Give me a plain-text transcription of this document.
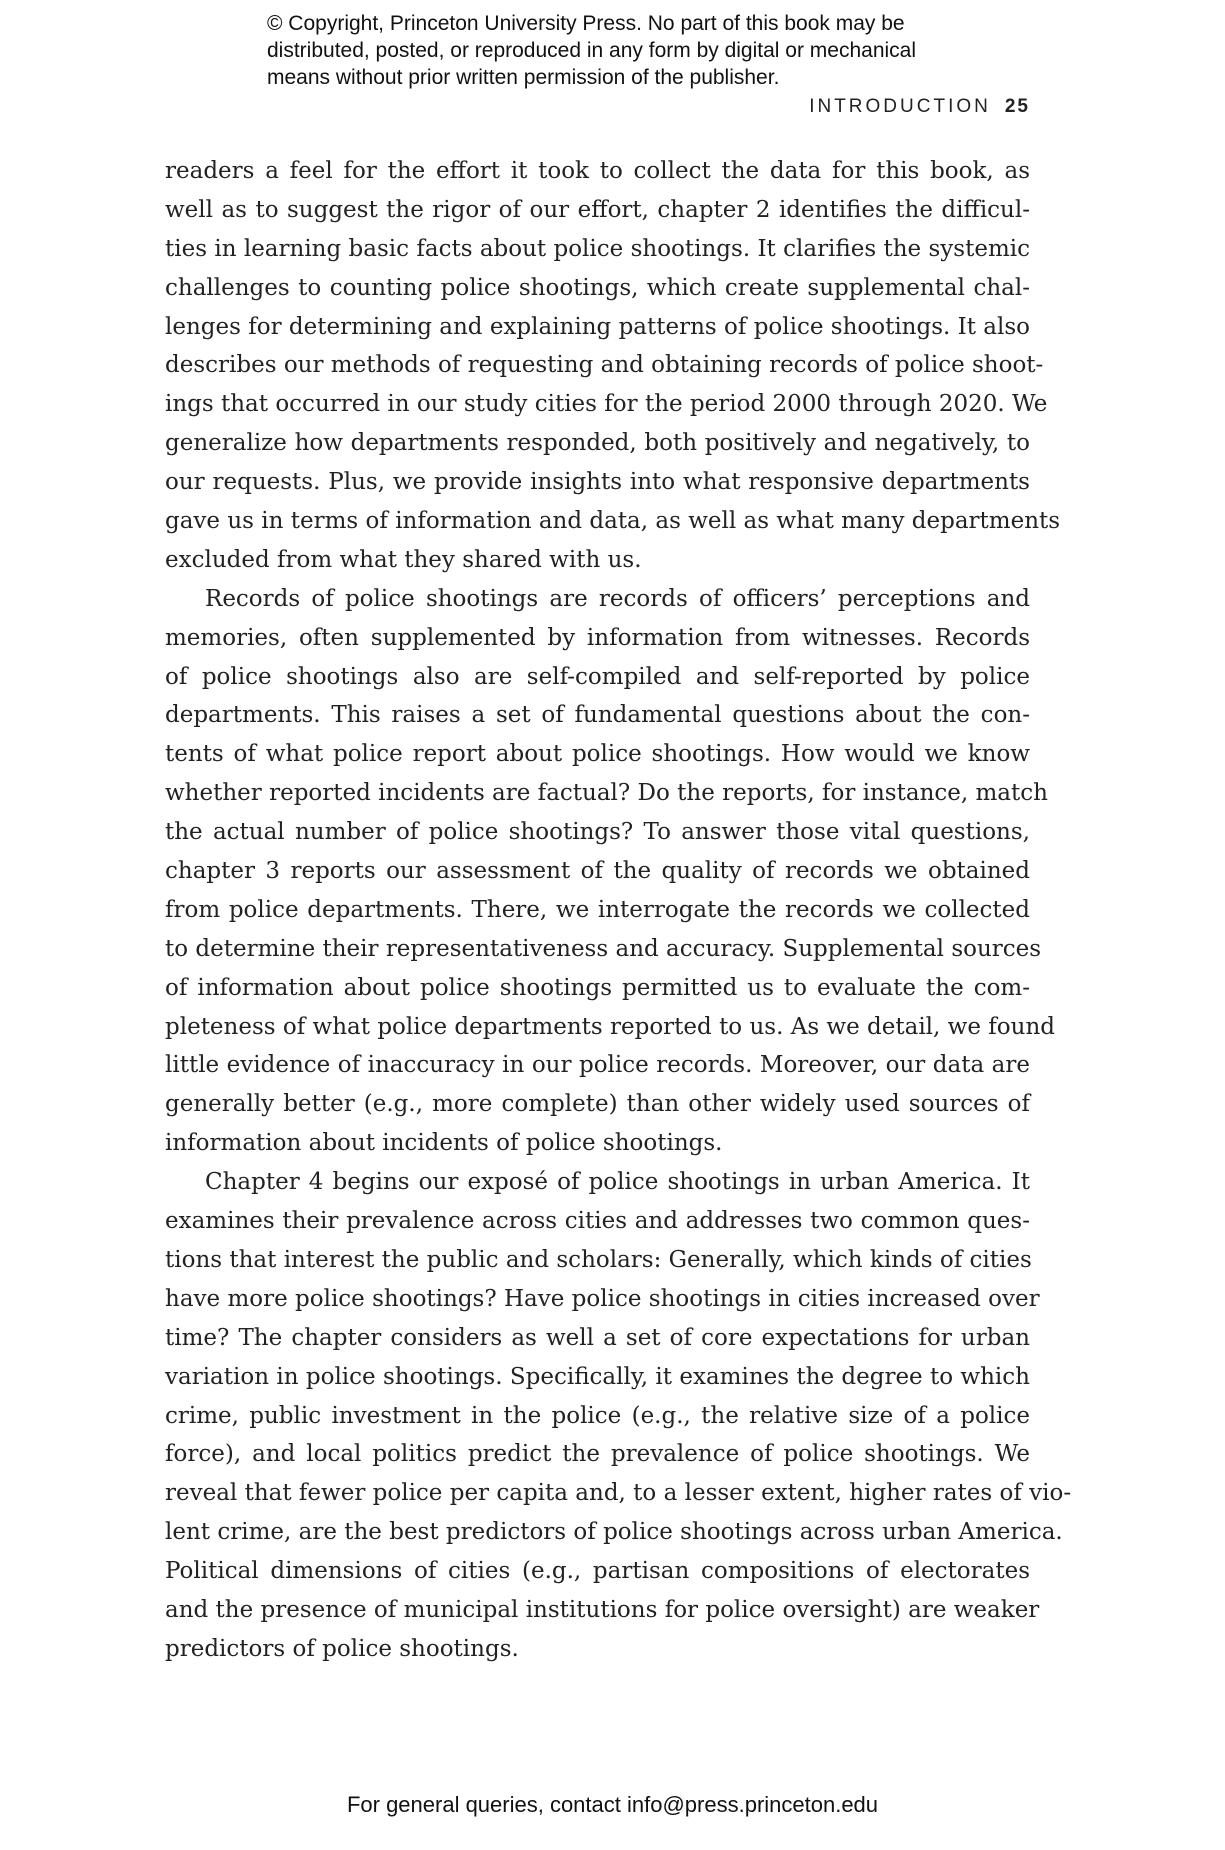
© Copyright, Princeton University Press. No part of this book may be
distributed, posted, or reproduced in any form by digital or mechanical
means without prior written permission of the publisher.
INTRODUCTION 25
readers a feel for the effort it took to collect the data for this book, as
well as to suggest the rigor of our effort, chapter 2 identifies the difficul-
ties in learning basic facts about police shootings. It clarifies the systemic
challenges to counting police shootings, which create supplemental chal-
lenges for determining and explaining patterns of police shootings. It also
describes our methods of requesting and obtaining records of police shoot-
ings that occurred in our study cities for the period 2000 through 2020. We
generalize how departments responded, both positively and negatively, to
our requests. Plus, we provide insights into what responsive departments
gave us in terms of information and data, as well as what many departments
excluded from what they shared with us.
Records of police shootings are records of officers’ perceptions and
memories, often supplemented by information from witnesses. Records
of police shootings also are self-compiled and self-reported by police
departments. This raises a set of fundamental questions about the con-
tents of what police report about police shootings. How would we know
whether reported incidents are factual? Do the reports, for instance, match
the actual number of police shootings? To answer those vital questions,
chapter 3 reports our assessment of the quality of records we obtained
from police departments. There, we interrogate the records we collected
to determine their representativeness and accuracy. Supplemental sources
of information about police shootings permitted us to evaluate the com-
pleteness of what police departments reported to us. As we detail, we found
little evidence of inaccuracy in our police records. Moreover, our data are
generally better (e.g., more complete) than other widely used sources of
information about incidents of police shootings.
Chapter 4 begins our exposé of police shootings in urban America. It
examines their prevalence across cities and addresses two common ques-
tions that interest the public and scholars: Generally, which kinds of cities
have more police shootings? Have police shootings in cities increased over
time? The chapter considers as well a set of core expectations for urban
variation in police shootings. Specifically, it examines the degree to which
crime, public investment in the police (e.g., the relative size of a police
force), and local politics predict the prevalence of police shootings. We
reveal that fewer police per capita and, to a lesser extent, higher rates of vio-
lent crime, are the best predictors of police shootings across urban America.
Political dimensions of cities (e.g., partisan compositions of electorates
and the presence of municipal institutions for police oversight) are weaker
predictors of police shootings.
For general queries, contact info@press.princeton.edu
